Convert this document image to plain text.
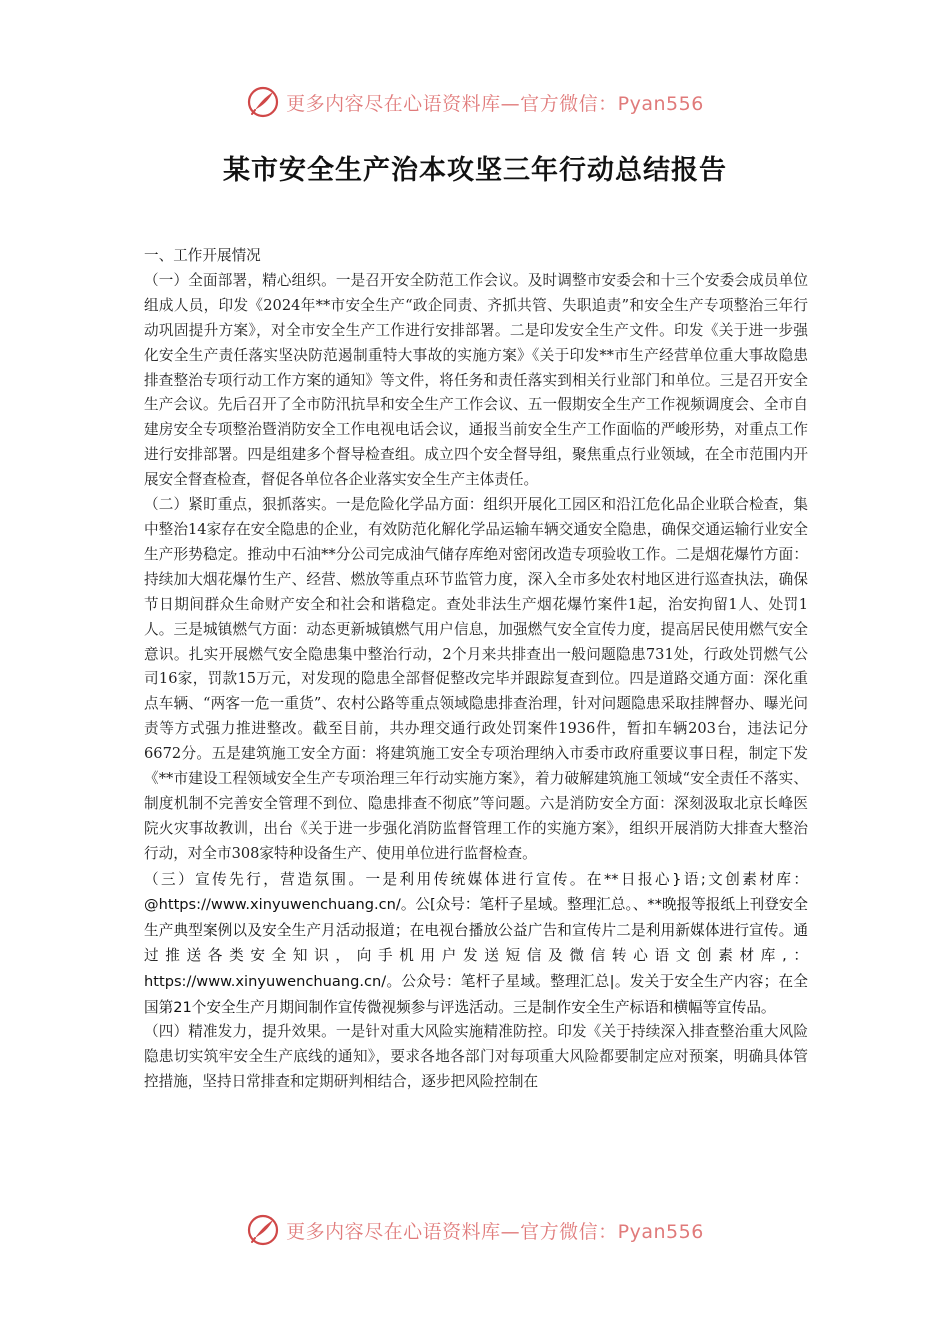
更多内容尽在心语资料库—官方微信：Pyan556
某市安全生产治本攻坚三年行动总结报告

一、工作开展情况

（一）全面部署，精心组织。一是召开安全防范工作会议。及时调整市安委会和十三个安委会成员单位组成人员，印发《2024年**市安全生产“政企同责、齐抓共管、失职追责”和安全生产专项整治三年行动巩固提升方案》，对全市安全生产工作进行安排部署。二是印发安全生产文件。印发《关于进一步强化安全生产责任落实坚决防范遏制重特大事故的实施方案》《关于印发**市生产经营单位重大事故隐患排查整治专项行动工作方案的通知》等文件，将任务和责任落实到相关行业部门和单位。三是召开安全生产会议。先后召开了全市防汛抗旱和安全生产工作会议、五一假期安全生产工作视频调度会、全市自建房安全专项整治暨消防安全工作电视电话会议，通报当前安全生产工作面临的严峻形势，对重点工作进行安排部署。四是组建多个督导检查组。成立四个安全督导组，聚焦重点行业领域，在全市范围内开展安全督查检查，督促各单位各企业落实安全生产主体责任。

（二）紧盯重点，狠抓落实。一是危险化学品方面：组织开展化工园区和沿江危化品企业联合检查，集中整治14家存在安全隐患的企业，有效防范化解化学品运输车辆交通安全隐患，确保交通运输行业安全生产形势稳定。推动中石油**分公司完成油气储存库绝对密闭改造专项验收工作。二是烟花爆竹方面：持续加大烟花爆竹生产、经营、燃放等重点环节监管力度，深入全市多处农村地区进行巡查执法，确保节日期间群众生命财产安全和社会和谐稳定。查处非法生产烟花爆竹案件1起，治安拘留1人、处罚1人。三是城镇燃气方面：动态更新城镇燃气用户信息，加强燃气安全宣传力度，提高居民使用燃气安全意识。扎实开展燃气安全隐患集中整治行动，2个月来共排查出一般问题隐患731处，行政处罚燃气公司16家，罚款15万元，对发现的隐患全部督促整改完毕并跟踪复查到位。四是道路交通方面：深化重点车辆、“两客一危一重货”、农村公路等重点领域隐患排查治理，针对问题隐患采取挂牌督办、曝光问责等方式强力推进整改。截至目前，共办理交通行政处罚案件1936件，暂扣车辆203台，违法记分6672分。五是建筑施工安全方面：将建筑施工安全专项治理纳入市委市政府重要议事日程，制定下发《**市建设工程领域安全生产专项治理三年行动实施方案》，着力破解建筑施工领域“安全责任不落实、制度机制不完善安全管理不到位、隐患排查不彻底”等问题。六是消防安全方面：深刻汲取北京长峰医院火灾事故教训，出台《关于进一步强化消防监督管理工作的实施方案》，组织开展消防大排查大整治行动，对全市308家特种设备生产、使用单位进行监督检查。

（三）宣传先行，营造氛围。一是利用传统媒体进行宣传。在**日报心}语;文创素材库：@https://www.xinyuwenchuang.cn/。公[众号：笔杆子星域。整理汇总。、**晚报等报纸上刊登安全生产典型案例以及安全生产月活动报道；在电视台播放公益广告和宣传片二是利用新媒体进行宣传。通过推送各类安全知识，向手机用户发送短信及微信转心语文创素材库,：https://www.xinyuwenchuang.cn/。公众号：笔杆子星域。整理汇总|。发关于安全生产内容；在全国第21个安全生产月期间制作宣传微视频参与评选活动。三是制作安全生产标语和横幅等宣传品。

（四）精准发力，提升效果。一是针对重大风险实施精准防控。印发《关于持续深入排查整治重大风险隐患切实筑牢安全生产底线的通知》，要求各地各部门对每项重大风险都要制定应对预案，明确具体管控措施，坚持日常排查和定期研判相结合，逐步把风险控制在

更多内容尽在心语资料库—官方微信：Pyan556
